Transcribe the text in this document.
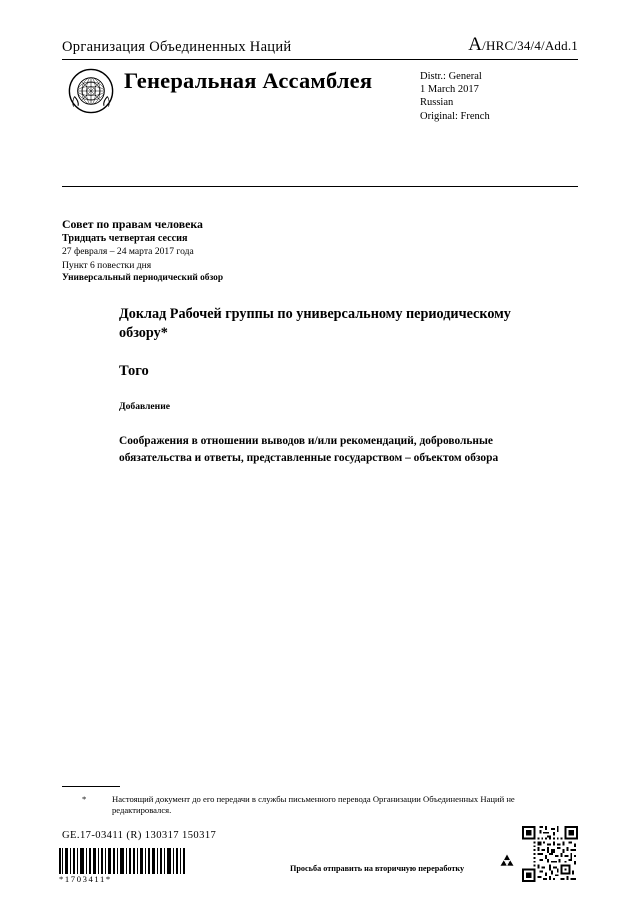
Организация Объединенных Наций	A/HRC/34/4/Add.1
Генеральная Ассамблея	Distr.: General
1 March 2017
Russian
Original: French
Совет по правам человека
Тридцать четвертая сессия
27 февраля – 24 марта 2017 года
Пункт 6 повестки дня
Универсальный периодический обзор
Доклад Рабочей группы по универсальному периодическому обзору*
Того
Добавление
Соображения в отношении выводов и/или рекомендаций, добровольные обязательства и ответы, представленные государством – объектом обзора
*	Настоящий документ до его передачи в службы письменного перевода Организации Объединенных Наций не редактировался.
GE.17-03411 (R) 130317 150317
Просьба отправить на вторичную переработку
*1703411*
